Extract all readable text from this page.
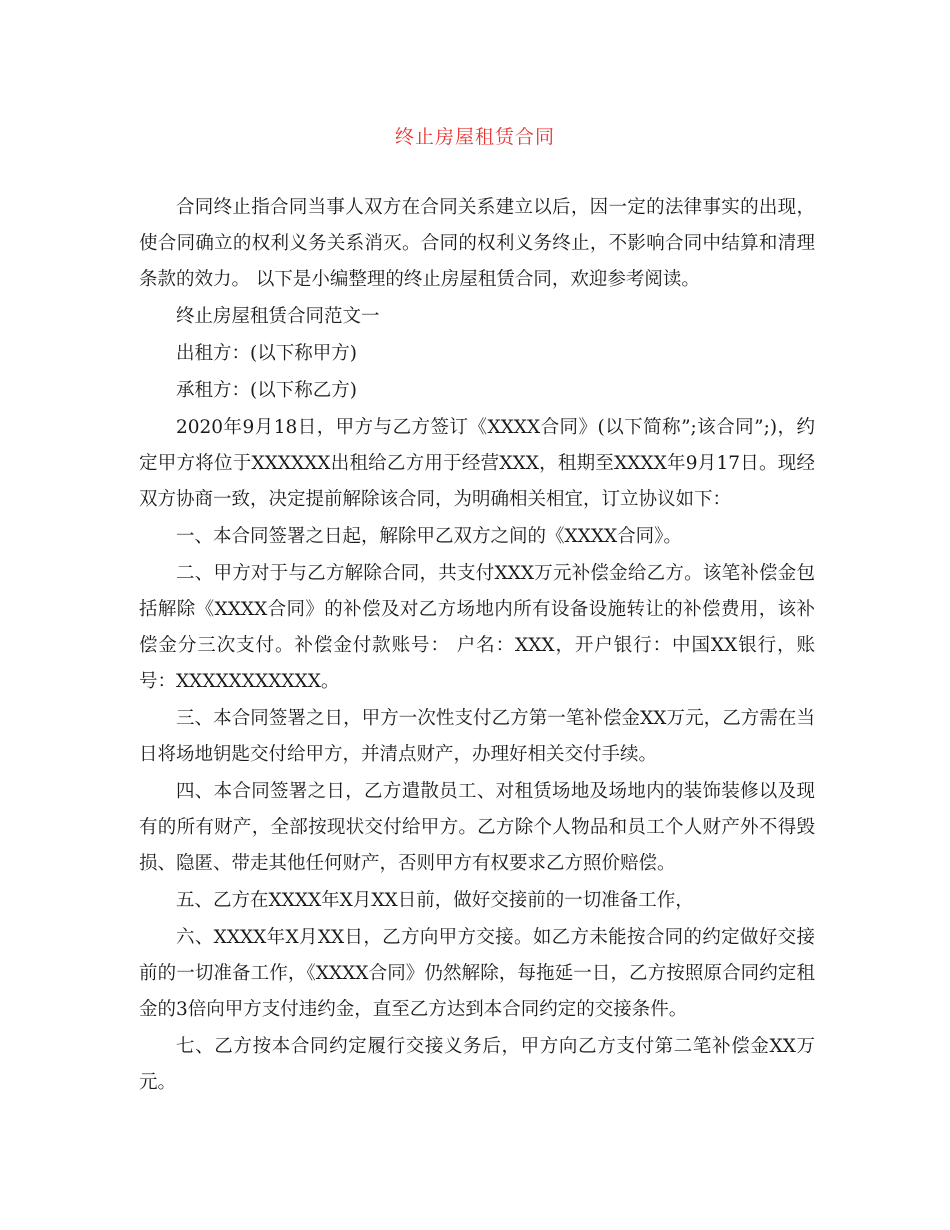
终止房屋租赁合同

合同终止指合同当事人双方在合同关系建立以后，因一定的法律事实的出现，使合同确立的权利义务关系消灭。合同的权利义务终止，不影响合同中结算和清理条款的效力。 以下是小编整理的终止房屋租赁合同，欢迎参考阅读。

终止房屋租赁合同范文一

出租方：(以下称甲方)

承租方：(以下称乙方)

2020年9月18日，甲方与乙方签订《XXXX合同》(以下简称”;该合同”;)，约定甲方将位于XXXXXX出租给乙方用于经营XXX，租期至XXXX年9月17日。现经双方协商一致，决定提前解除该合同，为明确相关相宜，订立协议如下：

一、本合同签署之日起，解除甲乙双方之间的《XXXX合同》。

二、甲方对于与乙方解除合同，共支付XXX万元补偿金给乙方。该笔补偿金包括解除《XXXX合同》的补偿及对乙方场地内所有设备设施转让的补偿费用，该补偿金分三次支付。补偿金付款账号： 户名：XXX，开户银行：中国XX银行，账号：XXXXXXXXXXX。

三、本合同签署之日，甲方一次性支付乙方第一笔补偿金XX万元，乙方需在当日将场地钥匙交付给甲方，并清点财产，办理好相关交付手续。

四、本合同签署之日，乙方遣散员工、对租赁场地及场地内的装饰装修以及现有的所有财产，全部按现状交付给甲方。乙方除个人物品和员工个人财产外不得毁损、隐匿、带走其他任何财产，否则甲方有权要求乙方照价赔偿。

五、乙方在XXXX年X月XX日前，做好交接前的一切准备工作，

六、XXXX年X月XX日，乙方向甲方交接。如乙方未能按合同的约定做好交接前的一切准备工作，《XXXX合同》仍然解除，每拖延一日，乙方按照原合同约定租金的3倍向甲方支付违约金，直至乙方达到本合同约定的交接条件。

七、乙方按本合同约定履行交接义务后，甲方向乙方支付第二笔补偿金XX万元。
